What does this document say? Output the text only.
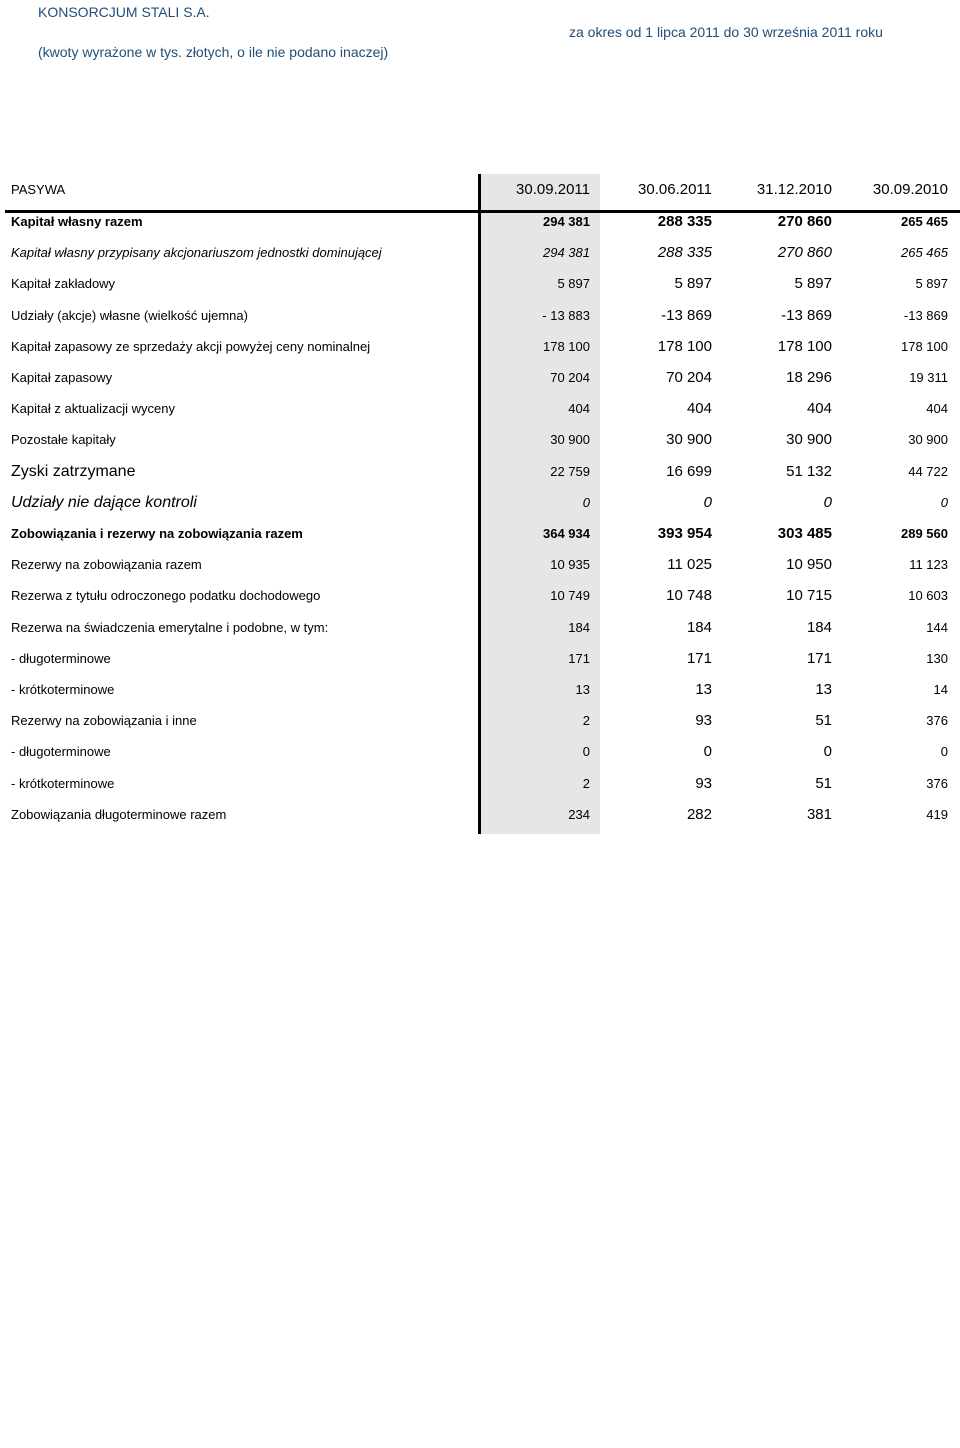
KONSORCJUM STALI S.A.
(kwoty wyrażone w tys. złotych, o ile nie podano inaczej)
za okres od 1 lipca 2011 do 30 września 2011 roku
PASYWA	30.09.2011	30.06.2011	31.12.2010	30.09.2010
Kapitał własny razem	294 381	288 335	270 860	265 465
Kapitał własny przypisany akcjonariuszom jednostki dominującej	294 381	288 335	270 860	265 465
Kapitał zakładowy	5 897	5 897	5 897	5 897
Udziały (akcje) własne (wielkość ujemna)	- 13 883	-13 869	-13 869	-13 869
Kapitał zapasowy ze sprzedaży akcji powyżej ceny nominalnej	178 100	178 100	178 100	178 100
Kapitał zapasowy	70 204	70 204	18 296	19 311
Kapitał z aktualizacji wyceny	404	404	404	404
Pozostałe kapitały	30 900	30 900	30 900	30 900
Zyski zatrzymane	22 759	16 699	51 132	44 722
Udziały nie dające kontroli	0	0	0	0
Zobowiązania i rezerwy na zobowiązania razem	364 934	393 954	303 485	289 560
Rezerwy na zobowiązania razem	10 935	11 025	10 950	11 123
Rezerwa z tytułu odroczonego podatku dochodowego	10 749	10 748	10 715	10 603
Rezerwa na świadczenia emerytalne i podobne, w tym:	184	184	184	144
- długoterminowe	171	171	171	130
- krótkoterminowe	13	13	13	14
Rezerwy na zobowiązania i inne	2	93	51	376
- długoterminowe	0	0	0	0
- krótkoterminowe	2	93	51	376
Zobowiązania długoterminowe razem	234	282	381	419
